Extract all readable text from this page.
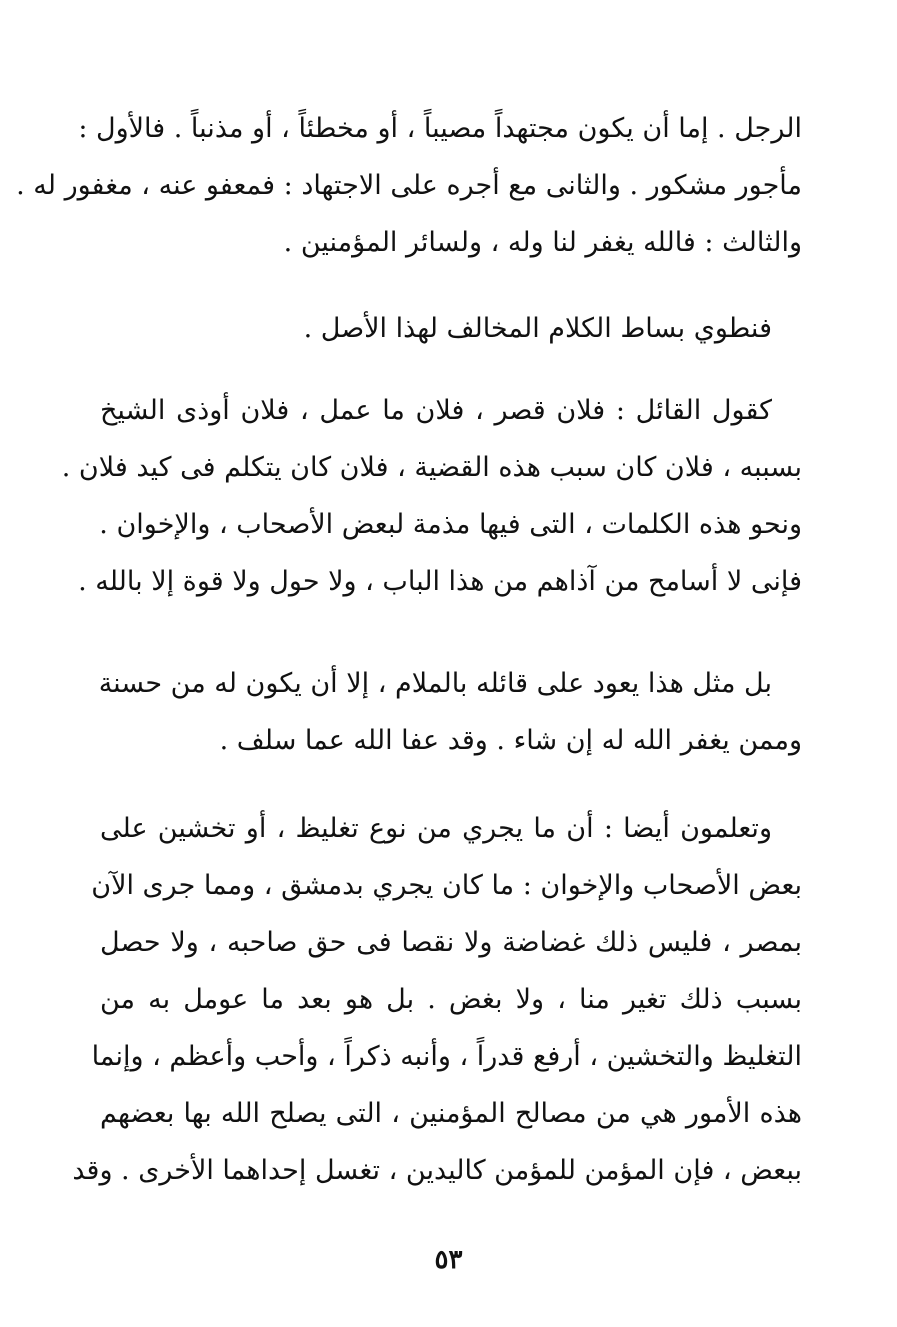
الرجل . إما أن يكون مجتهداً مصيباً ، أو مخطئاً ، أو مذنباً . فالأول :
مأجور مشكور . والثانى مع أجره على الاجتهاد : فمعفو عنه ، مغفور له .
والثالث : فالله يغفر لنا وله ، ولسائر المؤمنين .
فنطوي بساط الكلام المخالف لهذا الأصل .
كقول القائل : فلان قصر ، فلان ما عمل ، فلان أوذى الشيخ
بسببه ، فلان كان سبب هذه القضية ، فلان كان يتكلم فى كيد فلان .
ونحو هذه الكلمات ، التى فيها مذمة لبعض الأصحاب ، والإخوان .
فإنى لا أسامح من آذاهم من هذا الباب ، ولا حول ولا قوة إلا بالله .
بل مثل هذا يعود على قائله بالملام ، إلا أن يكون له من حسنة
وممن يغفر الله له إن شاء . وقد عفا الله عما سلف .
وتعلمون أيضا : أن ما يجري من نوع تغليظ ، أو تخشين على
بعض الأصحاب والإخوان : ما كان يجري بدمشق ، ومما جرى الآن
بمصر ، فليس ذلك غضاضة ولا نقصا فى حق صاحبه ، ولا حصل
بسبب ذلك تغير منا ، ولا بغض . بل هو بعد ما عومل به من
التغليظ والتخشين ، أرفع قدراً ، وأنبه ذكراً ، وأحب وأعظم ، وإنما
هذه الأمور هي من مصالح المؤمنين ، التى يصلح الله بها بعضهم
ببعض ، فإن المؤمن للمؤمن كاليدين ، تغسل إحداهما الأخرى . وقد
٥٣
